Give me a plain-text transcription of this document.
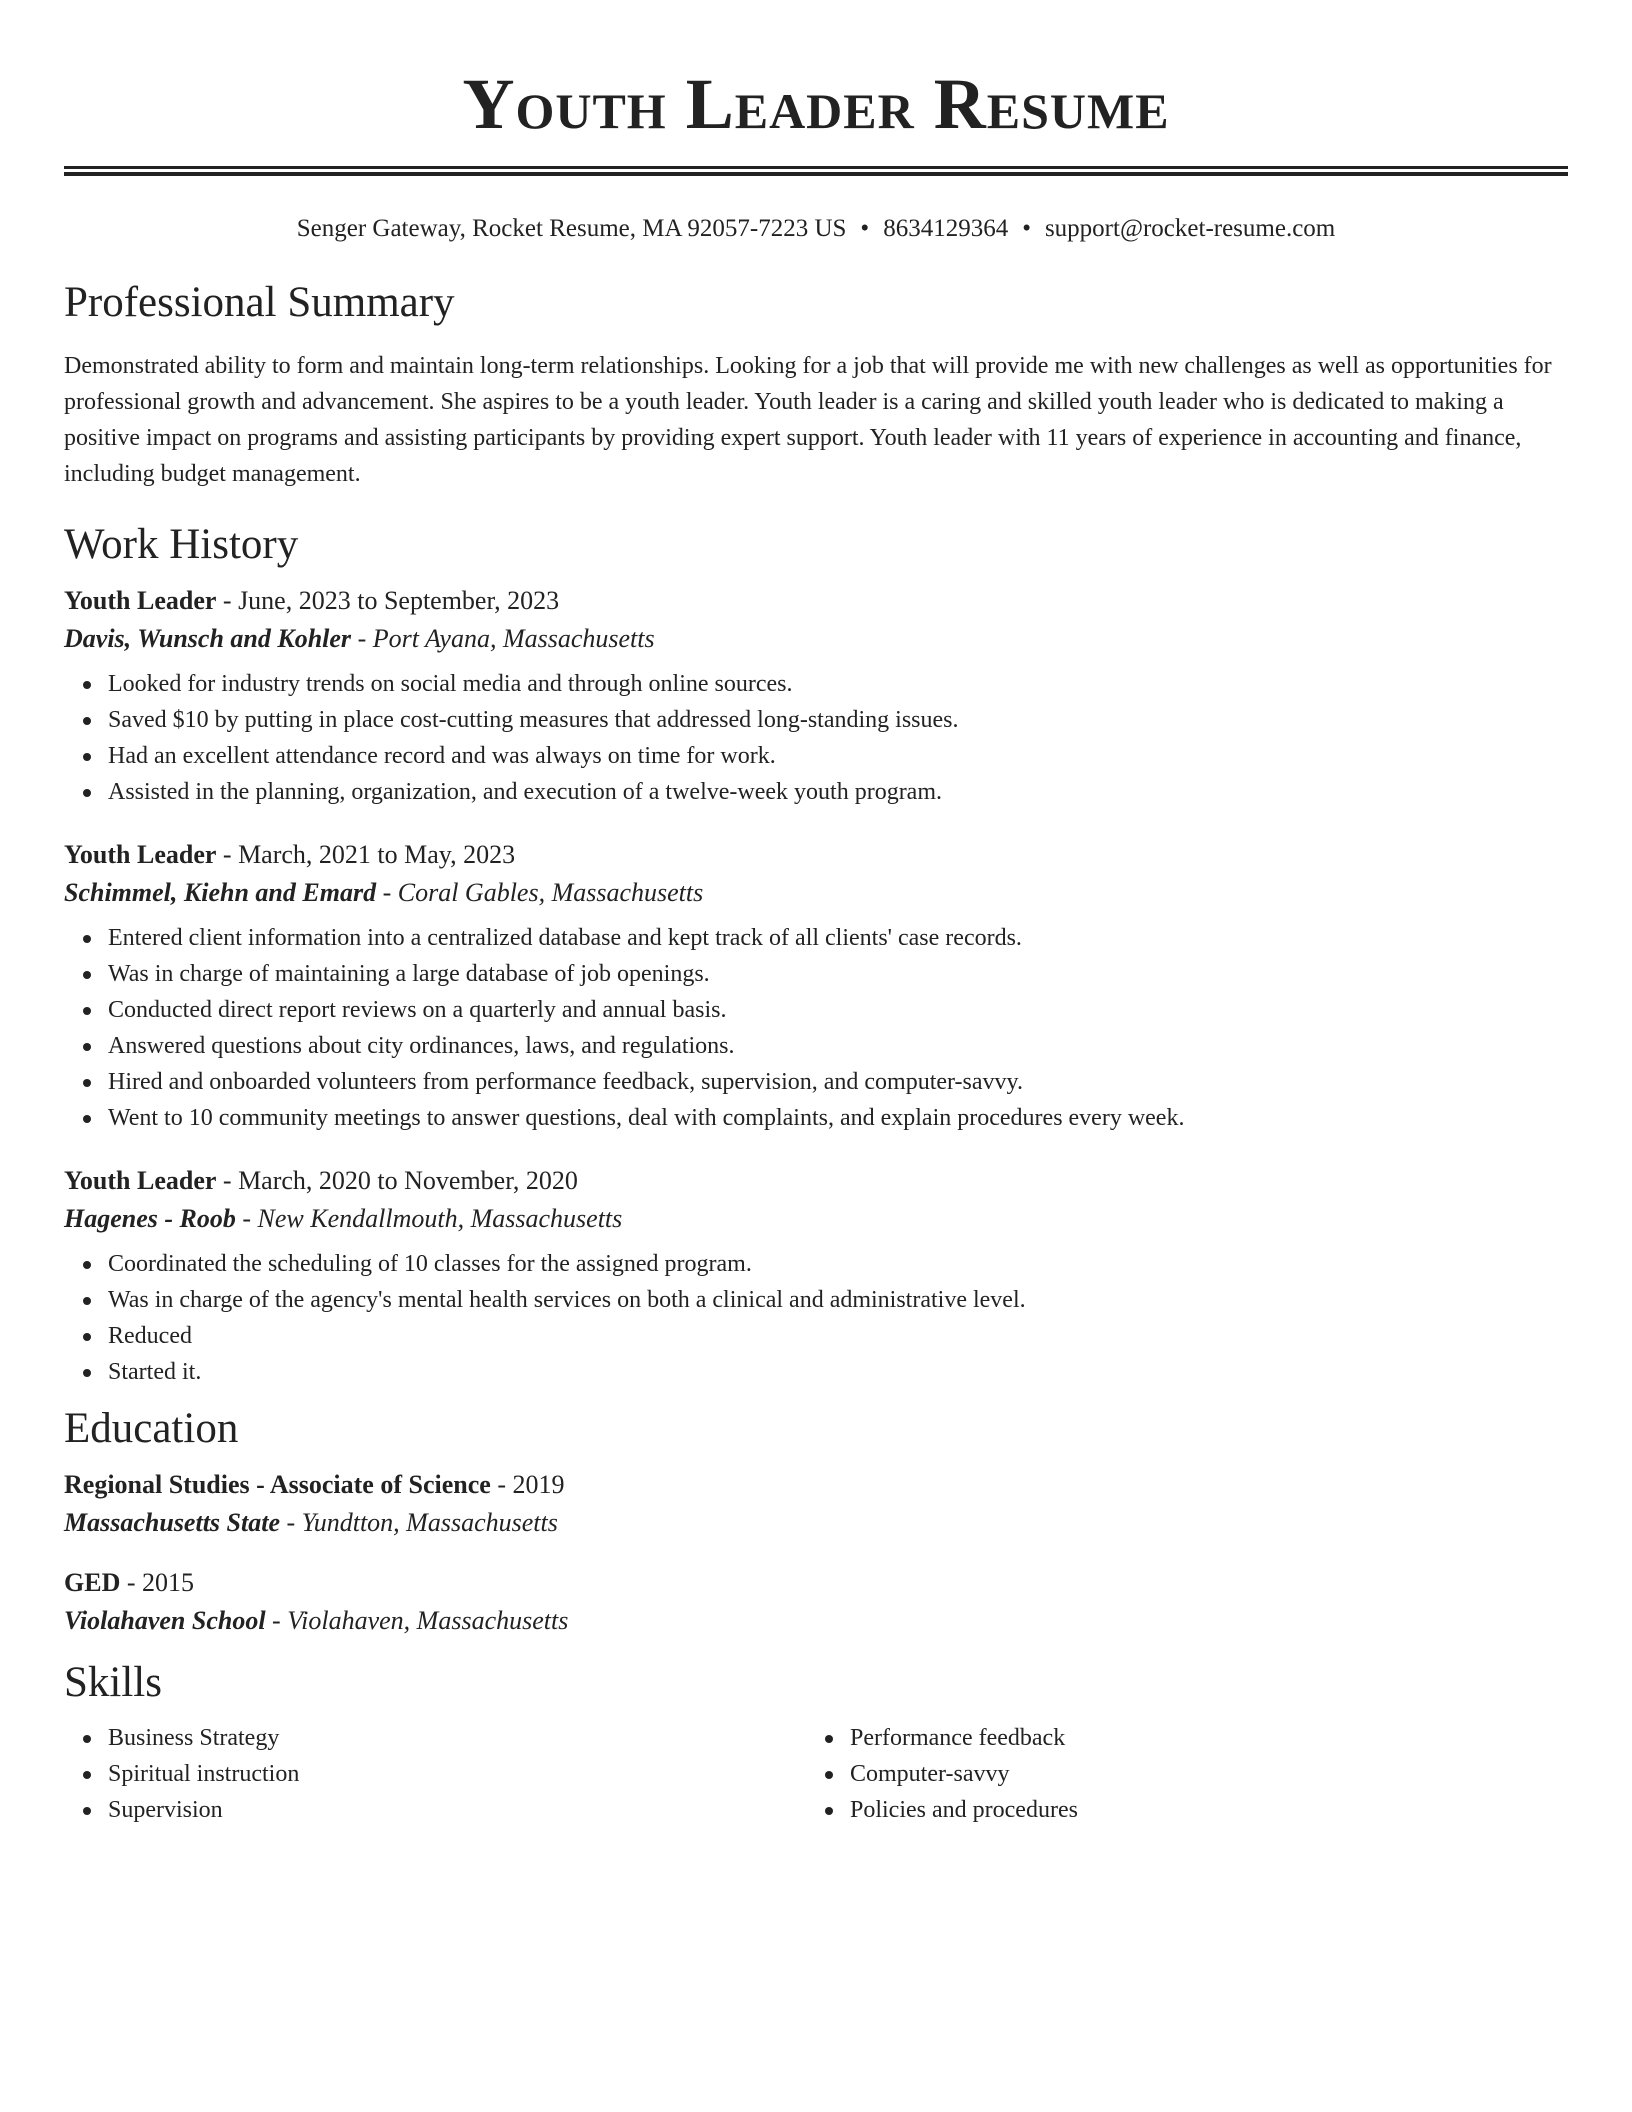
Youth Leader Resume
Senger Gateway, Rocket Resume, MA 92057-7223 US • 8634129364 • support@rocket-resume.com
Professional Summary
Demonstrated ability to form and maintain long-term relationships. Looking for a job that will provide me with new challenges as well as opportunities for professional growth and advancement. She aspires to be a youth leader. Youth leader is a caring and skilled youth leader who is dedicated to making a positive impact on programs and assisting participants by providing expert support. Youth leader with 11 years of experience in accounting and finance, including budget management.
Work History
Youth Leader - June, 2023 to September, 2023
Davis, Wunsch and Kohler - Port Ayana, Massachusetts
Looked for industry trends on social media and through online sources.
Saved $10 by putting in place cost-cutting measures that addressed long-standing issues.
Had an excellent attendance record and was always on time for work.
Assisted in the planning, organization, and execution of a twelve-week youth program.
Youth Leader - March, 2021 to May, 2023
Schimmel, Kiehn and Emard - Coral Gables, Massachusetts
Entered client information into a centralized database and kept track of all clients' case records.
Was in charge of maintaining a large database of job openings.
Conducted direct report reviews on a quarterly and annual basis.
Answered questions about city ordinances, laws, and regulations.
Hired and onboarded volunteers from performance feedback, supervision, and computer-savvy.
Went to 10 community meetings to answer questions, deal with complaints, and explain procedures every week.
Youth Leader - March, 2020 to November, 2020
Hagenes - Roob - New Kendallmouth, Massachusetts
Coordinated the scheduling of 10 classes for the assigned program.
Was in charge of the agency's mental health services on both a clinical and administrative level.
Reduced
Started it.
Education
Regional Studies - Associate of Science - 2019
Massachusetts State - Yundtton, Massachusetts
GED - 2015
Violahaven School - Violahaven, Massachusetts
Skills
Business Strategy
Spiritual instruction
Supervision
Performance feedback
Computer-savvy
Policies and procedures
